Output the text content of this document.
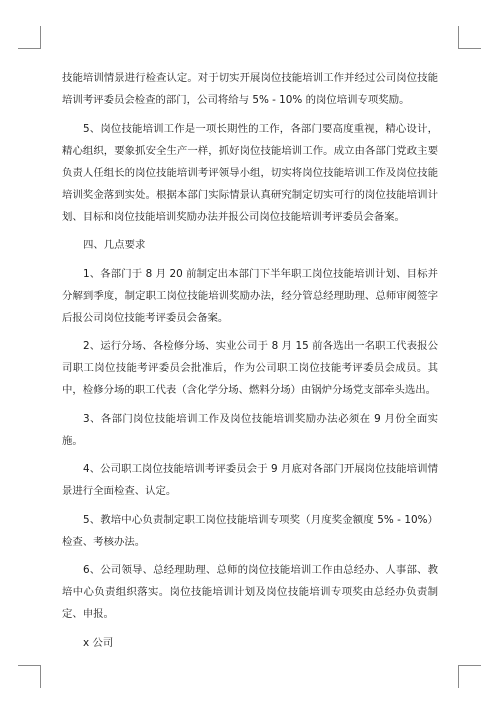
技能培训情景进行检查认定。对于切实开展岗位技能培训工作并经过公司岗位技能培训考评委员会检查的部门，公司将给与 5% - 10% 的岗位培训专项奖励。

5、岗位技能培训工作是一项长期性的工作，各部门要高度重视，精心设计，精心组织，要象抓安全生产一样，抓好岗位技能培训工作。成立由各部门党政主要负责人任组长的岗位技能培训考评领导小组，切实将岗位技能培训工作及岗位技能培训奖金落到实处。根据本部门实际情景认真研究制定切实可行的岗位技能培训计划、目标和岗位技能培训奖励办法并报公司岗位技能培训考评委员会备案。

四、几点要求

1、各部门于 8 月 20 前制定出本部门下半年职工岗位技能培训计划、目标并分解到季度，制定职工岗位技能培训奖励办法，经分管总经理助理、总师审阅签字后报公司岗位技能考评委员会备案。

2、运行分场、各检修分场、实业公司于 8 月 15 前各选出一名职工代表报公司职工岗位技能考评委员会批准后，作为公司职工岗位技能考评委员会成员。其中，检修分场的职工代表（含化学分场、燃料分场）由锅炉分场党支部牵头选出。

3、各部门岗位技能培训工作及岗位技能培训奖励办法必须在 9 月份全面实施。

4、公司职工岗位技能培训考评委员会于 9 月底对各部门开展岗位技能培训情景进行全面检查、认定。

5、教培中心负责制定职工岗位技能培训专项奖（月度奖金额度 5% - 10%）检查、考核办法。

6、公司领导、总经理助理、总师的岗位技能培训工作由总经办、人事部、教培中心负责组织落实。岗位技能培训计划及岗位技能培训专项奖由总经办负责制定、申报。

x 公司
